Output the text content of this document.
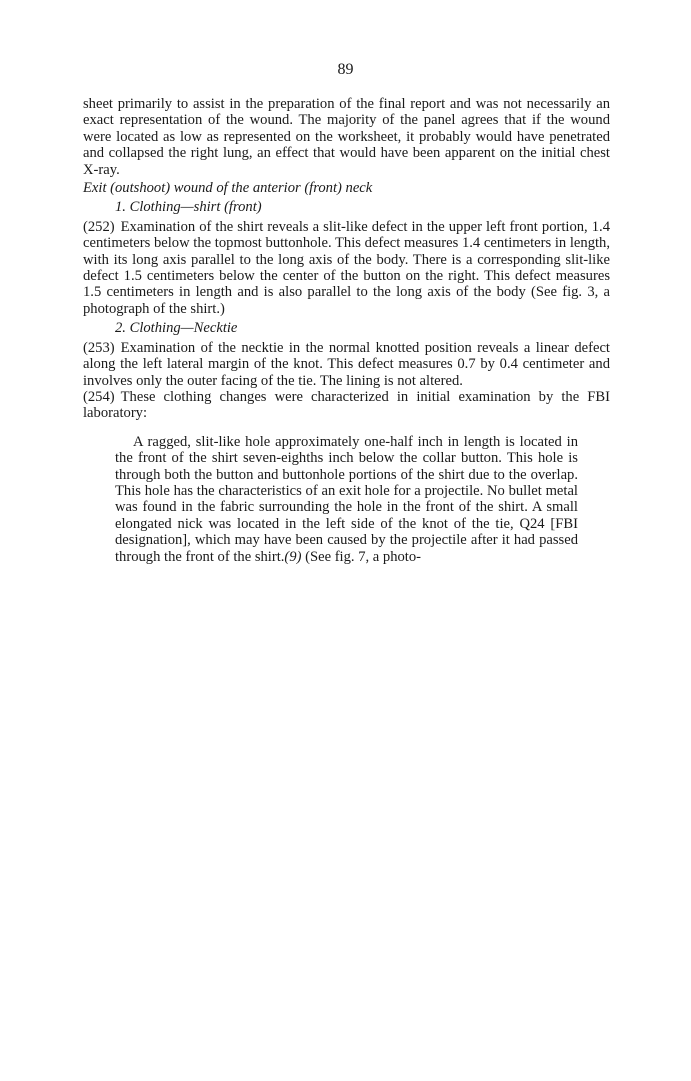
89

sheet primarily to assist in the preparation of the final report and was not necessarily an exact representation of the wound. The majority of the panel agrees that if the wound were located as low as represented on the worksheet, it probably would have penetrated and collapsed the right lung, an effect that would have been apparent on the initial chest X-ray.

Exit (outshoot) wound of the anterior (front) neck

1. Clothing—shirt (front)

(252) Examination of the shirt reveals a slit-like defect in the upper left front portion, 1.4 centimeters below the topmost buttonhole. This defect measures 1.4 centimeters in length, with its long axis parallel to the long axis of the body. There is a corresponding slit-like defect 1.5 centimeters below the center of the button on the right. This defect measures 1.5 centimeters in length and is also parallel to the long axis of the body (See fig. 3, a photograph of the shirt.)

2. Clothing—Necktie

(253) Examination of the necktie in the normal knotted position reveals a linear defect along the left lateral margin of the knot. This defect measures 0.7 by 0.4 centimeter and involves only the outer facing of the tie. The lining is not altered.

(254) These clothing changes were characterized in initial examination by the FBI laboratory:

A ragged, slit-like hole approximately one-half inch in length is located in the front of the shirt seven-eighths inch below the collar button. This hole is through both the button and buttonhole portions of the shirt due to the overlap. This hole has the characteristics of an exit hole for a projectile. No bullet metal was found in the fabric surrounding the hole in the front of the shirt. A small elongated nick was located in the left side of the knot of the tie, Q24 [FBI designation], which may have been caused by the projectile after it had passed through the front of the shirt.(9) (See fig. 7, a photo-
